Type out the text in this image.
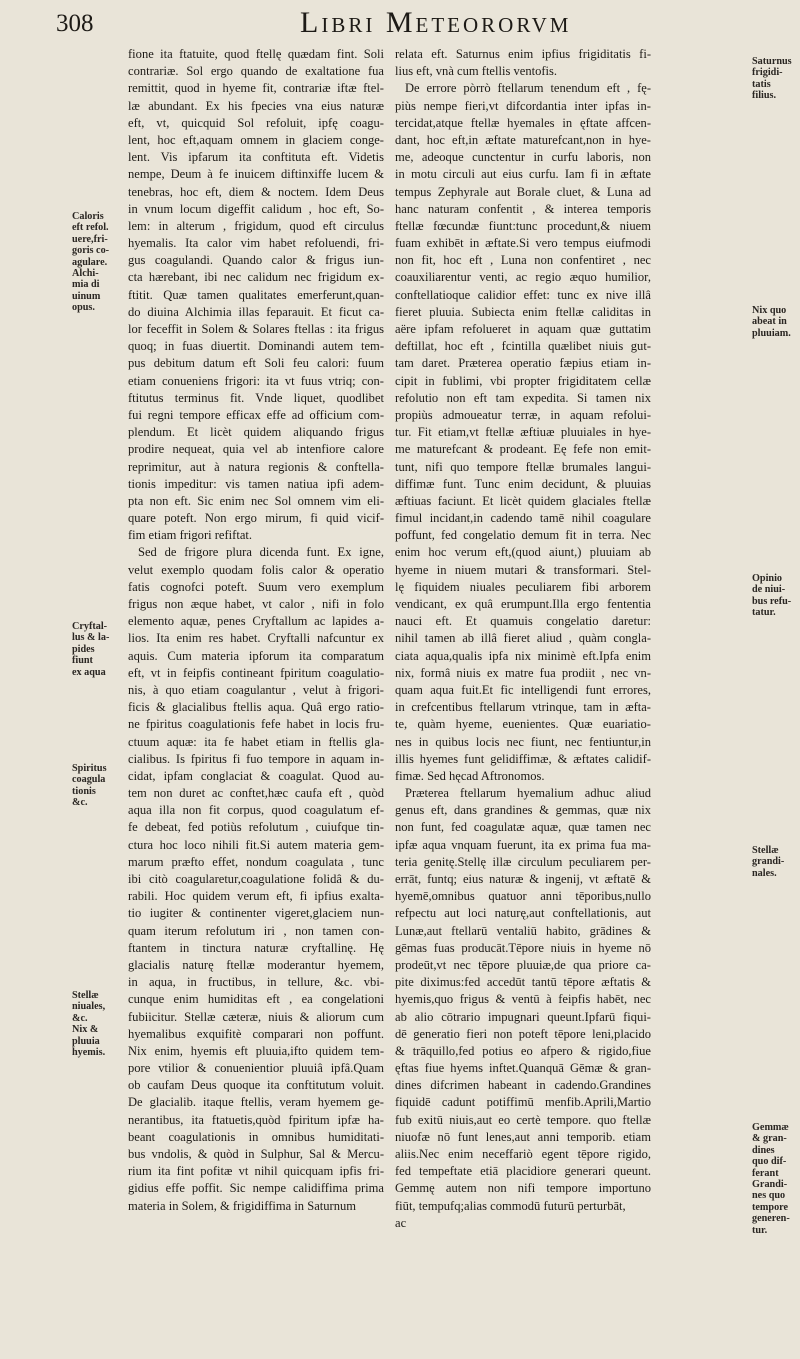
308	Libri Meteororvm
fione ita ftatuite, quod ftellę quædam fint. Soli
contrariæ. Sol ergo quando de exaltatione fua
remittit, quod in hyeme fit, contrariæ iftæ ftel-
læ abundant. Ex his fpecies vna eius naturæ
eft, vt, quicquid Sol refoluit, ipfę coagu-
lent, hoc eft,aquam omnem in glaciem conge-
lent. Vis ipfarum ita conftituta eft. Videtis
nempe, Deum à fe inuicem diftinxiffe lucem &
tenebras, hoc eft, diem & noctem. Idem Deus
in vnum locum digeffit calidum , hoc eft, So-
lem: in alterum , frigidum, quod eft circulus
hyemalis. Ita calor vim habet refoluendi, fri-
gus coagulandi. Quando calor & frigus iun-
cta hærebant, ibi nec calidum nec frigidum ex-
ftitit. Quæ tamen qualitates emerferunt,quan-
do diuina Alchimia illas feparauit. Et ficut ca-
lor feceffit in Solem & Solares ftellas : ita frigus
quoq; in fuas diuertit. Dominandi autem tem-
pus debitum datum eft Soli feu calori: fuum
etiam conueniens frigori: ita vt fuus vtriq; con-
ftitutus terminus fit. Vnde liquet, quodlibet
fui regni tempore efficax effe ad officium com-
plendum. Et licèt quidem aliquando frigus
prodire nequeat, quia vel ab intenfiore calore
reprimitur, aut à natura regionis & conftella-
tionis impeditur: vis tamen natiua ipfi adem-
pta non eft. Sic enim nec Sol omnem vim eli-
quare poteft. Non ergo mirum, fi quid vicif-
fim etiam frigori refiftat.
Sed de frigore plura dicenda funt. Ex igne,
velut exemplo quodam folis calor & operatio
fatis cognofci poteft. Suum vero exemplum
frigus non æque habet, vt calor , nifi in folo
elemento aquæ, penes Cryftallum ac lapides a-
lios. Ita enim res habet. Cryftalli nafcuntur ex
aquis. Cum materia ipforum ita comparatum
eft, vt in feipfis contineant fpiritum coagulatio-
nis, à quo etiam coagulantur , velut à frigori-
ficis & glacialibus ftellis aqua. Quâ ergo ratio-
ne fpiritus coagulationis fefe habet in locis fru-
ctuum aquæ: ita fe habet etiam in ftellis gla-
cialibus. Is fpiritus fi fuo tempore in aquam in-
cidat, ipfam conglaciat & coagulat. Quod au-
tem non duret ac conftet,hæc caufa eft , quòd
aqua illa non fit corpus, quod coagulatum ef-
fe debeat, fed potiùs refolutum , cuiufque tin-
ctura hoc loco nihili fit.Si autem materia gem-
marum præfto effet, nondum coagulata , tunc
ibi citò coagularetur,coagulatione folidâ & du-
rabili. Hoc quidem verum eft, fi ipfius exalta-
tio iugiter & continenter vigeret,glaciem nun-
quam iterum refolutum iri , non tamen con-
ftantem in tinctura naturæ cryftallinę. Hę
glacialis naturę ftellæ moderantur hyemem,
in aqua, in fructibus, in tellure, &c. vbi-
cunque enim humiditas eft , ea congelationi
fubiicitur. Stellæ cæteræ, niuis & aliorum cum
hyemalibus exquifitè comparari non poffunt.
Nix enim, hyemis eft pluuia,ifto quidem tem-
pore vtilior & conuenientior pluuiâ ipfâ.Quam
ob caufam Deus quoque ita conftitutum voluit.
De glacialib. itaque ftellis, veram hyemem ge-
nerantibus, ita ftatuetis,quòd fpiritum ipfæ ha-
beant coagulationis in omnibus humiditati-
bus vndolis, & quòd in Sulphur, Sal & Mercu-
rium ita fint pofitæ vt nihil quicquam ipfis fri-
gidius effe poffit. Sic nempe calidiffima prima
materia in Solem, & frigidiffima in Saturnum
relata eft. Saturnus enim ipfius frigiditatis fi-
lius eft, vnà cum ftellis ventofis.
De errore pòrrò ftellarum tenendum eft , fę-
piùs nempe fieri,vt difcordantia inter ipfas in-
tercidat,atque ftellæ hyemales in ęftate affcen-
dant, hoc eft,in æftate maturefcant,non in hye-
me, adeoque cunctentur in curfu laboris, non
in motu circuli aut eius curfu. Iam fi in æftate
tempus Zephyrale aut Borale cluet, & Luna ad
hanc naturam confentit , & interea temporis
ftellæ fœcundæ fiunt:tunc procedunt,& niuem
fuam exhibēt in æftate.Si vero tempus eiufmodi
non fit, hoc eft , Luna non confentiret , nec
coauxiliarentur venti, ac regio æquo humilior,
conftellatioque calidior effet: tunc ex nive illâ
fieret pluuia. Subiecta enim ftellæ caliditas in
aëre ipfam refolueret in aquam quæ guttatim
deftillat, hoc eft , fcintilla quælibet niuis gut-
tam daret. Præterea operatio fæpius etiam in-
cipit in fublimi, vbi propter frigiditatem cellæ
refolutio non eft tam expedita. Si tamen nix
propiùs admoueatur terræ, in aquam refolui-
tur. Fit etiam,vt ftellæ æftiuæ pluuiales in hye-
me maturefcant & prodeant. Eę fefe non emit-
tunt, nifi quo tempore ftellæ brumales langui-
diffimæ funt. Tunc enim decidunt, & pluuias
æftiuas faciunt. Et licèt quidem glaciales ftellæ
fimul incidant,in cadendo tamē nihil coagulare
poffunt, fed congelatio demum fit in terra. Nec
enim hoc verum eft,(quod aiunt,) pluuiam ab
hyeme in niuem mutari & transformari. Stel-
lę fiquidem niuales peculiarem fibi arborem
vendicant, ex quâ erumpunt.Illa ergo fententia
nauci eft. Et quamuis congelatio daretur:
nihil tamen ab illâ fieret aliud , quàm congla-
ciata aqua,qualis ipfa nix minimè eft.Ipfa enim
nix, formâ niuis ex matre fua prodiit , nec vn-
quam aqua fuit.Et fic intelligendi funt errores,
in crefcentibus ftellarum vtrinque, tam in æfta-
te, quàm hyeme, euenientes. Quæ euariatio-
nes in quibus locis nec fiunt, nec fentiuntur,in
illis hyemes funt gelidiffimæ, & æftates calidif-
fimæ. Sed hęcad Aftronomos.
Præterea ftellarum hyemalium adhuc aliud
genus eft, dans grandines & gemmas, quæ nix
non funt, fed coagulatæ aquæ, quæ tamen nec
ipfæ aqua vnquam fuerunt, ita ex prima fua ma-
teria genitę.Stellę illæ circulum peculiarem per-
errāt, funtq; eius naturæ & ingenij, vt æftatē &
hyemē,omnibus quatuor anni tēporibus,nullo
refpectu aut loci naturę,aut conftellationis, aut
Lunæ,aut ftellarū ventaliū habito, grādines &
gēmas fuas producāt.Tēpore niuis in hyeme nō
prodeūt,vt nec tēpore pluuiæ,de qua priore ca-
pite diximus:fed accedūt tantū tēpore æftatis &
hyemis,quo frigus & ventū à feipfis habēt, nec
ab alio cōtrario impugnari queunt.Ipfarū fiqui-
dē generatio fieri non poteft tēpore leni,placido
& trāquillo,fed potius eo afpero & rigido,fiue
ęftas fiue hyems inftet.Quanquā Gēmæ & gran-
dines difcrimen habeant in cadendo.Grandines
fiquidē cadunt potiffimū menfib.Aprili,Martio
fub exitū niuis,aut eo certè tempore. quo ftellæ
niuofæ nō funt lenes,aut anni temporib. etiam
aliis.Nec enim neceffariò egent tēpore rigido,
fed tempeftate etiā placidiore generari queunt.
Gemmę autem non nifi tempore importuno
fiūt, tempufq;alias commodū futurū perturbāt,
ac
Caloris
eft refol.
uere,fri-
goris co-
agulare.
Alchi-
mia di
uinum
opus.
Cryftal-
lus & la-
pides
fiunt
ex aqua
Spiritus
coagula
tionis
&c.
Stellæ
niuales,
&c.
Nix &
pluuia
hyemis.
Saturnus
frigidi-
tatis
filius.
Nix quo
abeat in
pluuiam.
Opinio
de niui-
bus refu-
tatur.
Stellæ
grandi-
nales.
Gemmæ
& gran-
dines
quo dif-
ferant
Grandi-
nes quo
tempore
generen-
tur.
